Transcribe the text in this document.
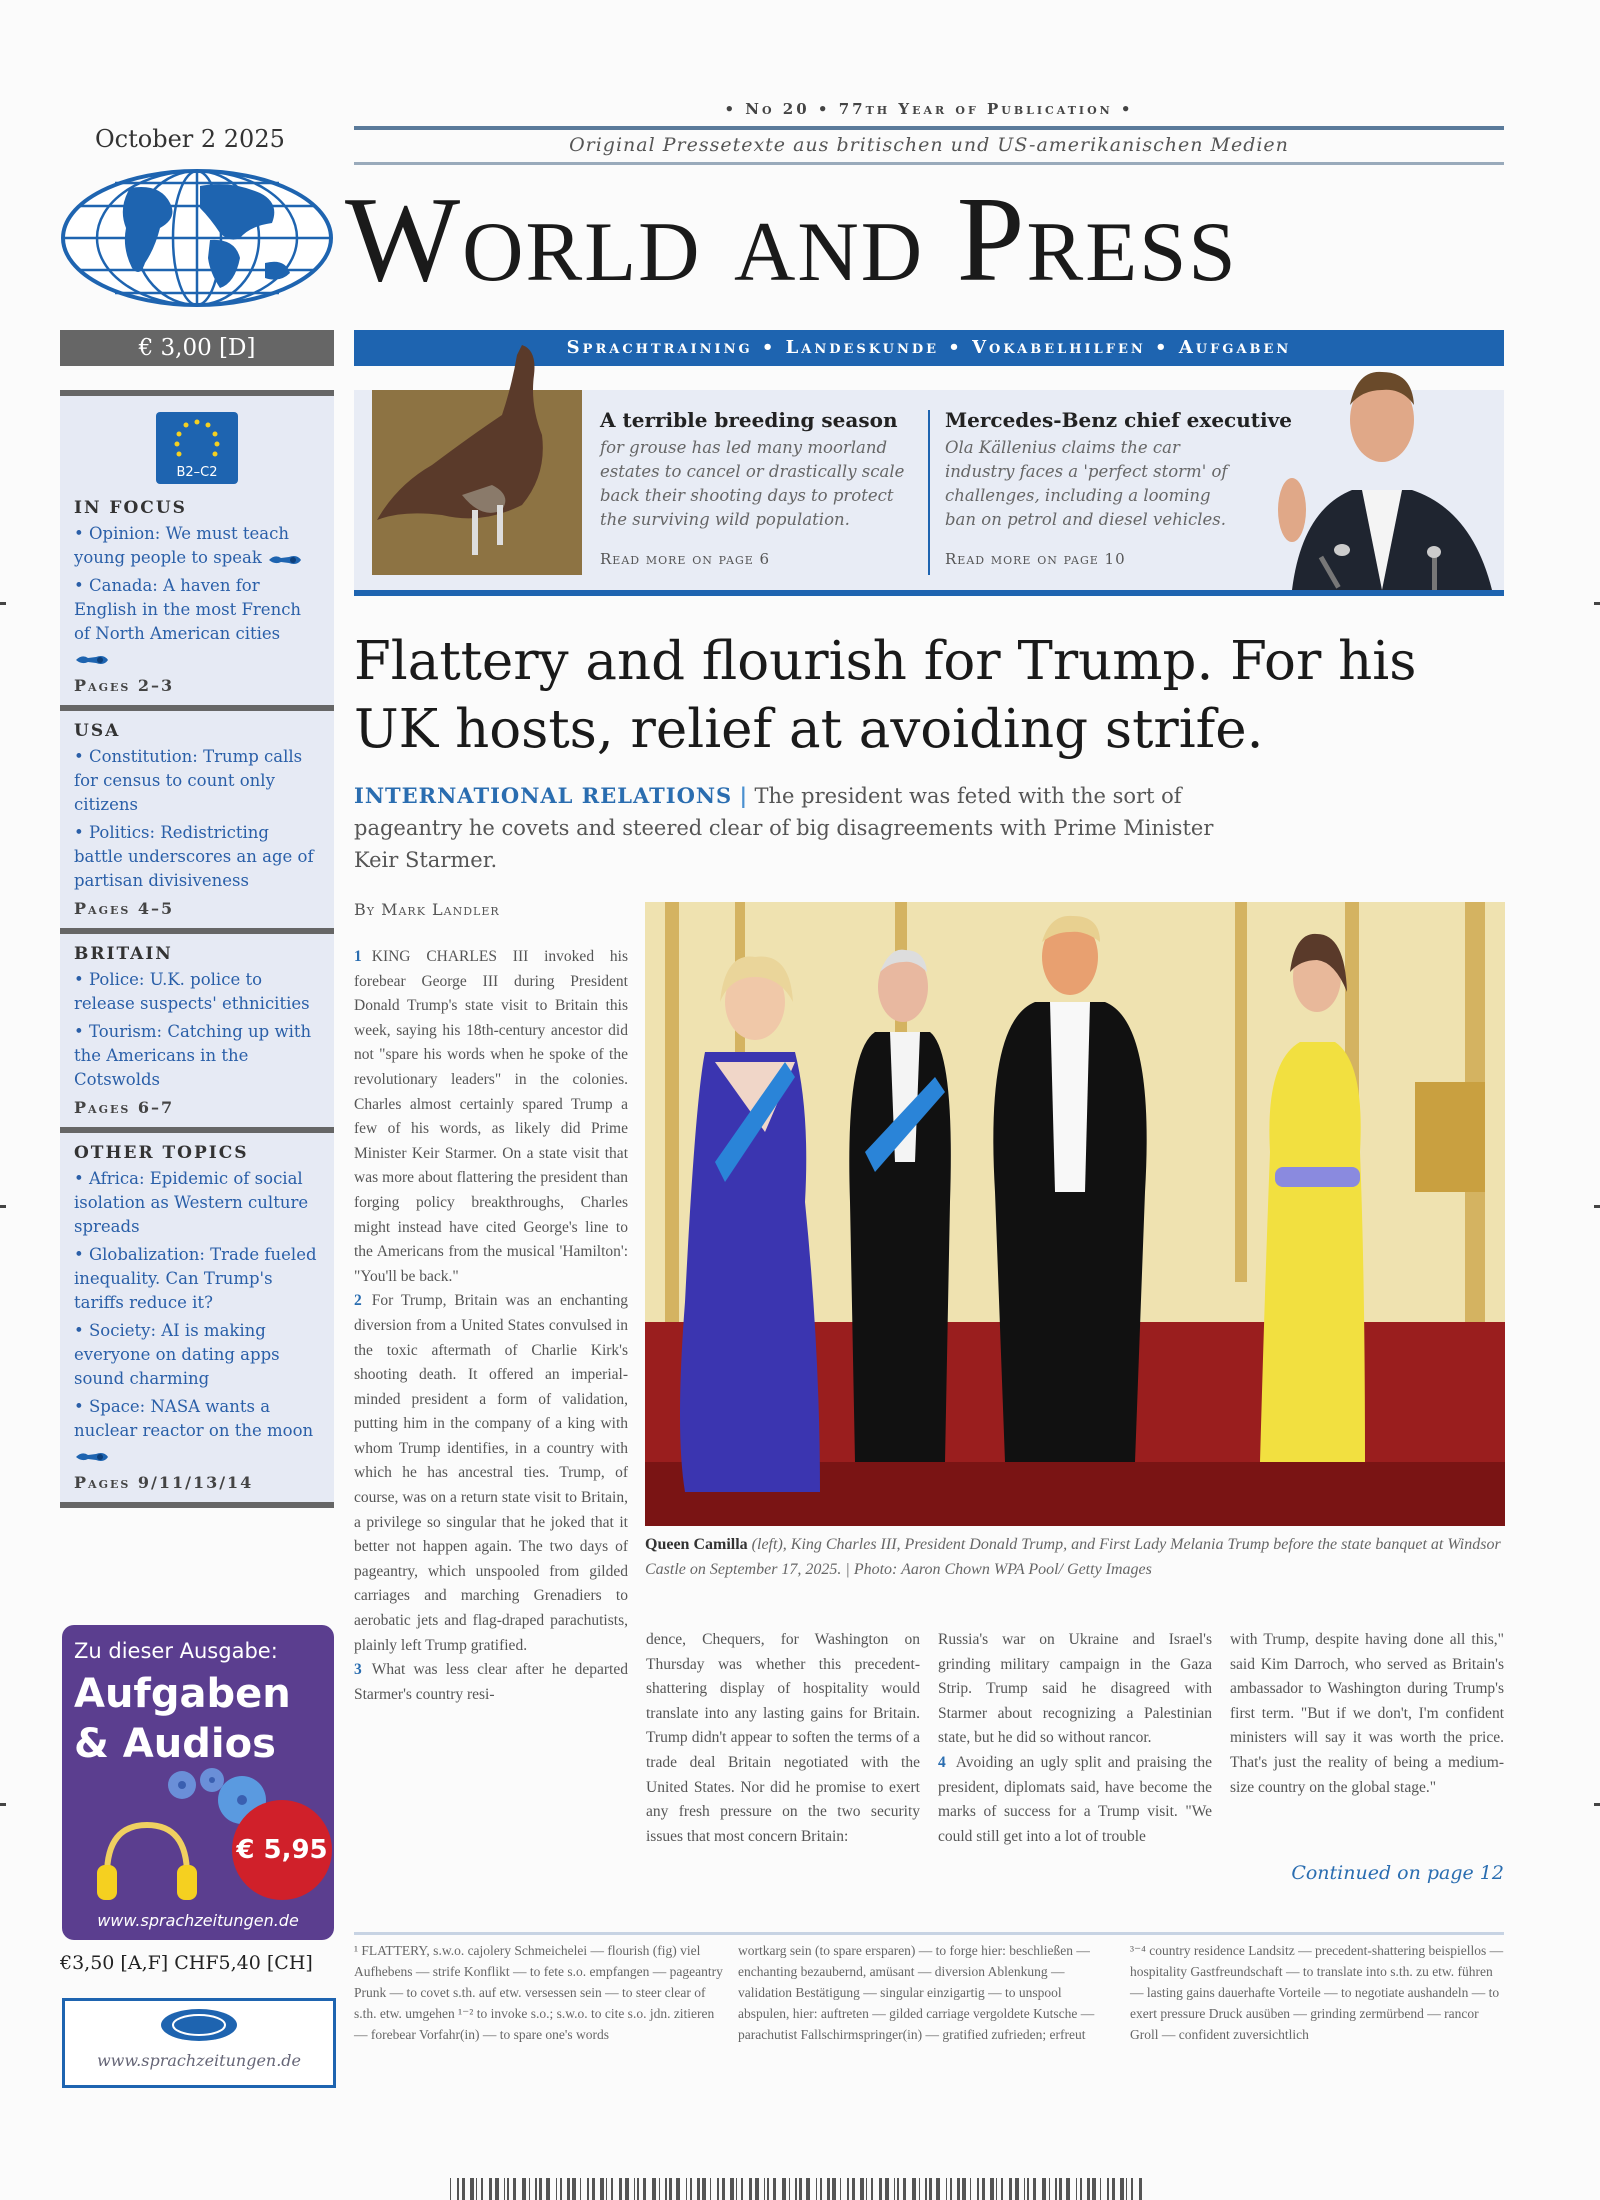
October 2 2025
• No 20 • 77th Year of Publication •
Original Pressetexte aus britischen und US-amerikanischen Medien
World and Press
€ 3,00 [D]	Sprachtraining • Landeskunde • Vokabelhilfen • Aufgaben
A terrible breeding season
for grouse has led many moorland estates to cancel or drastically scale back their shooting days to protect the surviving wild population.
Read more on page 6
Mercedes-Benz chief executive
Ola Källenius claims the car industry faces a 'perfect storm' of challenges, including a looming ban on petrol and diesel vehicles.
Read more on page 10
B2–C2
IN FOCUS
• Opinion: We must teach young people to speak
• Canada: A haven for English in the most French of North American cities
Pages 2–3
USA
• Constitution: Trump calls for census to count only citizens
• Politics: Redistricting battle underscores an age of partisan divisiveness
Pages 4–5
BRITAIN
• Police: U.K. police to release suspects' ethnicities
• Tourism: Catching up with the Americans in the Cotswolds
Pages 6–7
OTHER TOPICS
• Africa: Epidemic of social isolation as Western culture spreads
• Globalization: Trade fueled inequality. Can Trump's tariffs reduce it?
• Society: AI is making everyone on dating apps sound charming
• Space: NASA wants a nuclear reactor on the moon
Pages 9/11/13/14
Zu dieser Ausgabe:
Aufgaben
& Audios
€ 5,95
www.sprachzeitungen.de
€3,50 [A,F] CHF5,40 [CH]
www.sprachzeitungen.de
Flattery and flourish for Trump. For his UK hosts, relief at avoiding strife.
INTERNATIONAL RELATIONS | The president was feted with the sort of pageantry he covets and steered clear of big disagreements with Prime Minister Keir Starmer.
By Mark Landler
1 KING CHARLES III invoked his forebear George III during President Donald Trump's state visit to Britain this week, saying his 18th-century ancestor did not "spare his words when he spoke of the revolutionary leaders" in the colonies. Charles almost certainly spared Trump a few of his words, as likely did Prime Minister Keir Starmer. On a state visit that was more about flattering the president than forging policy breakthroughs, Charles might instead have cited George's line to the Americans from the musical 'Hamilton': "You'll be back."
2 For Trump, Britain was an enchanting diversion from a United States convulsed in the toxic aftermath of Charlie Kirk's shooting death. It offered an imperial-minded president a form of validation, putting him in the company of a king with whom Trump identifies, in a country with which he has ancestral ties. Trump, of course, was on a return state visit to Britain, a privilege so singular that he joked that it better not happen again. The two days of pageantry, which unspooled from gilded carriages and marching Grenadiers to aerobatic jets and flag-draped parachutists, plainly left Trump gratified.
3 What was less clear after he departed Starmer's country resi-
Queen Camilla (left), King Charles III, President Donald Trump, and First Lady Melania Trump before the state banquet at Windsor Castle on September 17, 2025. | Photo: Aaron Chown WPA Pool/ Getty Images
dence, Chequers, for Washington on Thursday was whether this precedent-shattering display of hospitality would translate into any lasting gains for Britain. Trump didn't appear to soften the terms of a trade deal Britain negotiated with the United States. Nor did he promise to exert any fresh pressure on the two security issues that most concern Britain:
Russia's war on Ukraine and Israel's grinding military campaign in the Gaza Strip. Trump said he disagreed with Starmer about recognizing a Palestinian state, but he did so without rancor.
4 Avoiding an ugly split and praising the president, diplomats said, have become the marks of success for a Trump visit. "We could still get into a lot of trouble
with Trump, despite having done all this," said Kim Darroch, who served as Britain's ambassador to Washington during Trump's first term. "But if we don't, I'm confident ministers will say it was worth the price. That's just the reality of being a medium-size country on the global stage."
Continued on page 12
¹ FLATTERY, s.w.o. cajolery Schmeichelei — flourish (fig) viel Aufhebens — strife Konflikt — to fete s.o. empfangen — pageantry Prunk — to covet s.th. auf etw. versessen sein — to steer clear of s.th. etw. umgehen ¹⁻² to invoke s.o.; s.w.o. to cite s.o. jdn. zitieren — forebear Vorfahr(in) — to spare one's words
wortkarg sein (to spare ersparen) — to forge hier: beschließen — enchanting bezaubernd, amüsant — diversion Ablenkung — validation Bestätigung — singular einzigartig — to unspool abspulen, hier: auftreten — gilded carriage vergoldete Kutsche — parachutist Fallschirmspringer(in) — gratified zufrieden; erfreut
³⁻⁴ country residence Landsitz — precedent-shattering beispiellos — hospitality Gastfreundschaft — to translate into s.th. zu etw. führen — lasting gains dauerhafte Vorteile — to negotiate aushandeln — to exert pressure Druck ausüben — grinding zermürbend — rancor Groll — confident zuversichtlich
